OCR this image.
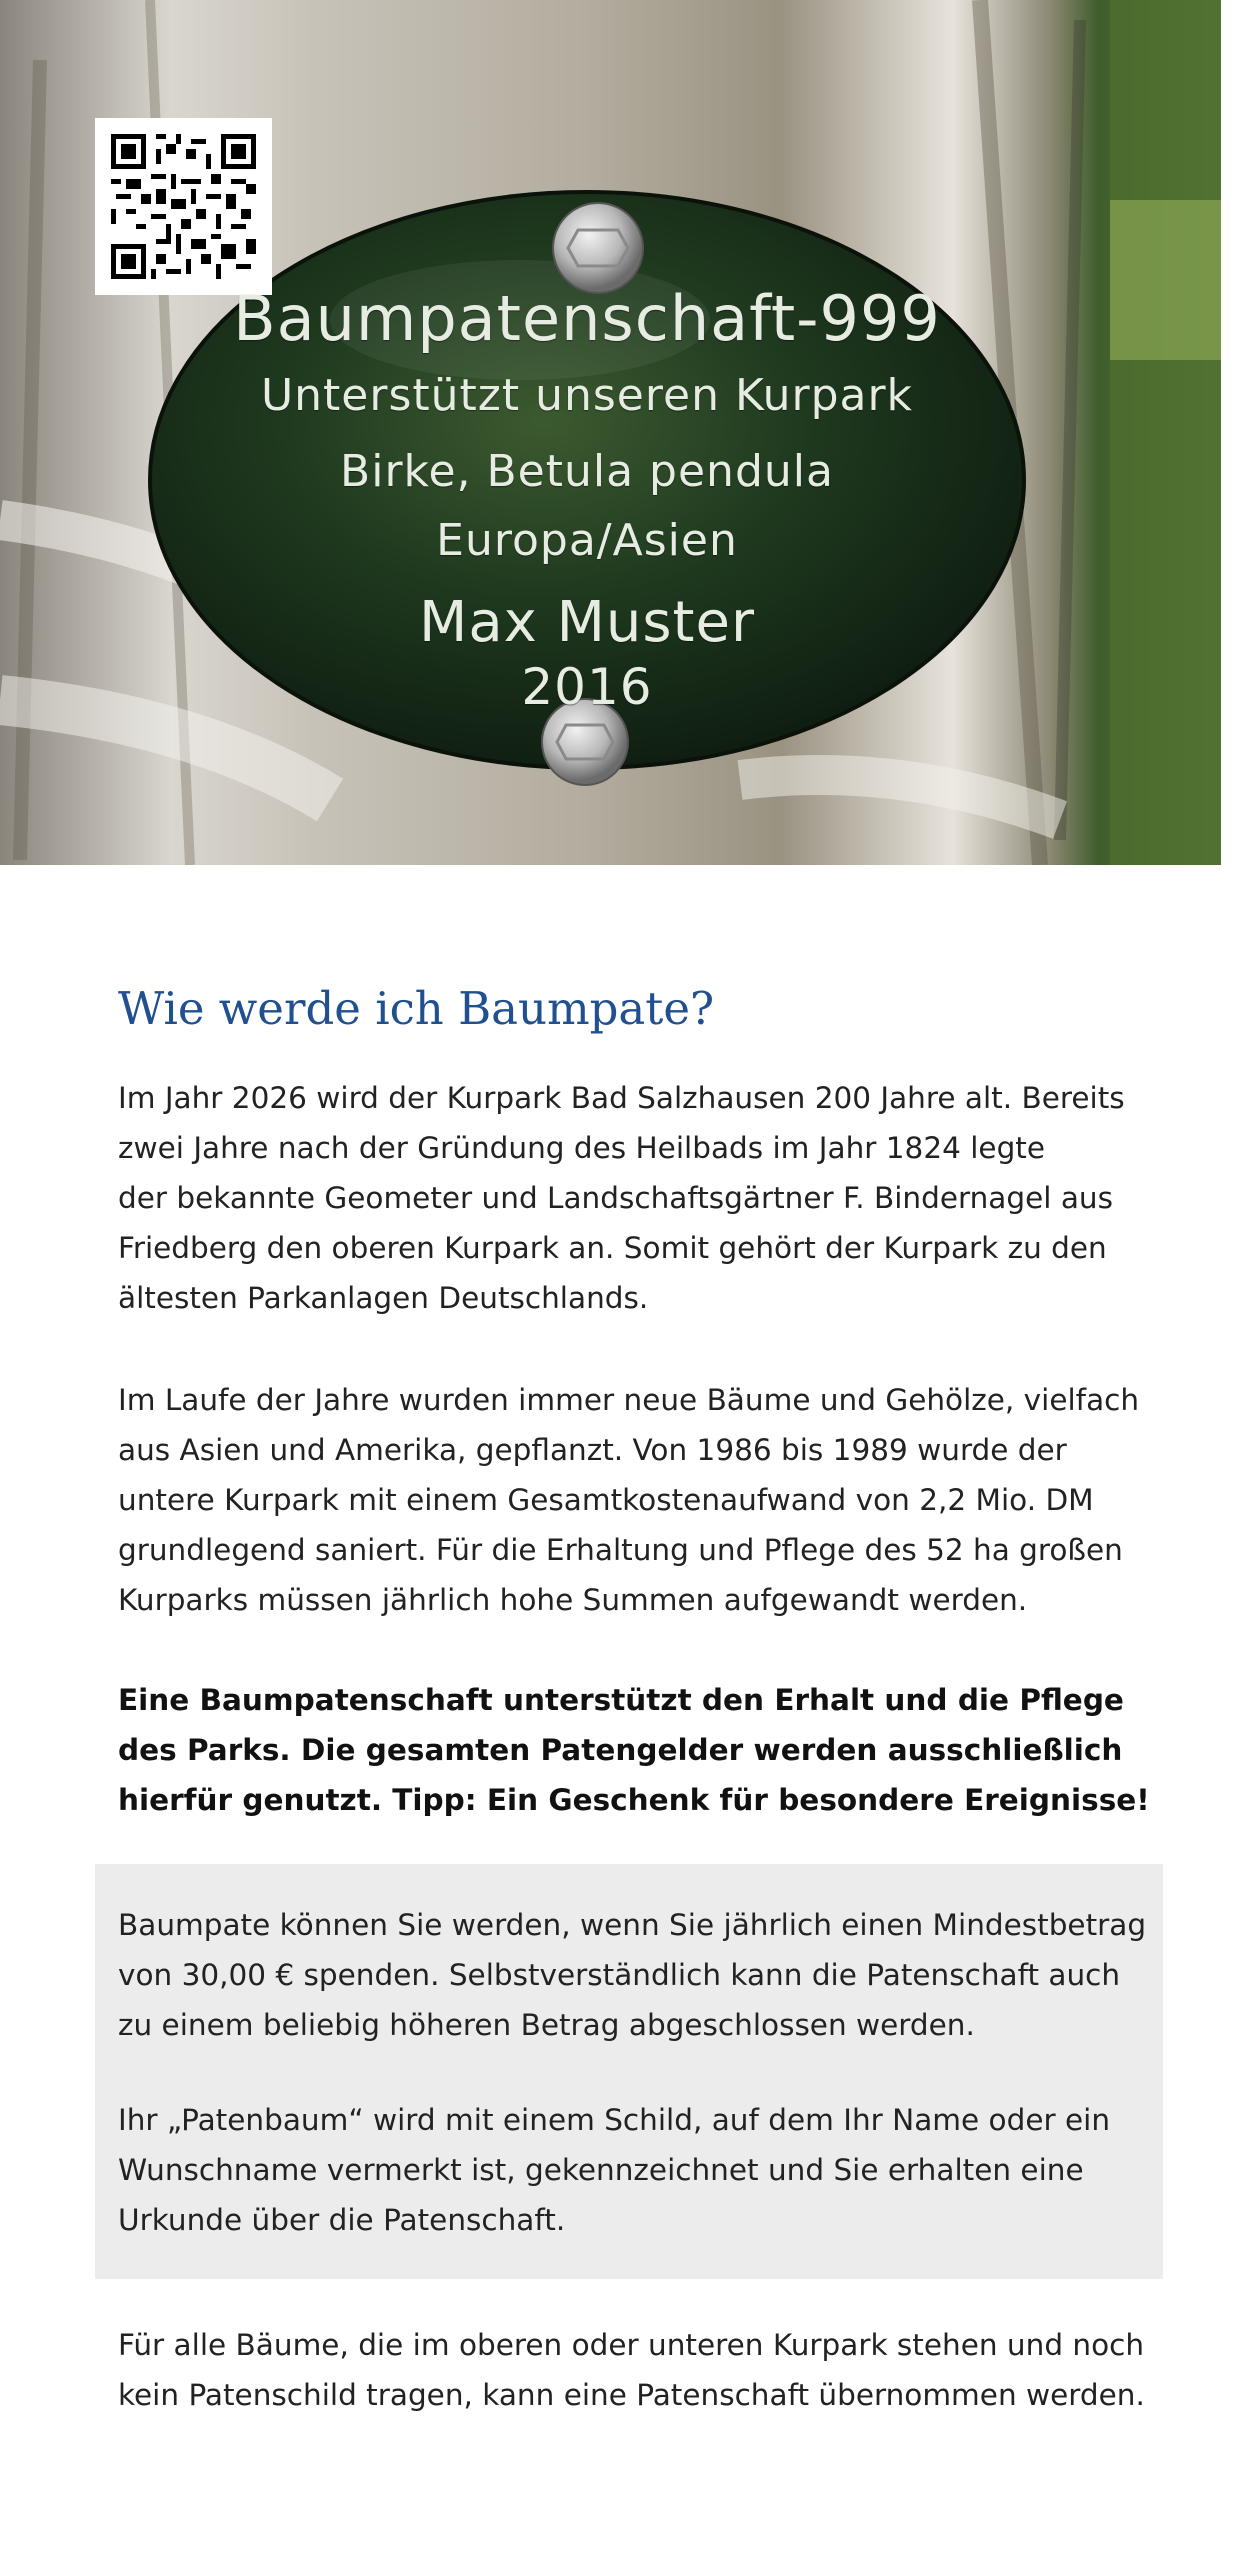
Baumpatenschaft-999
Unterstützt unseren Kurpark
Birke, Betula pendula
Europa/Asien
Max Muster
2016
Wie werde ich Baumpate?
Im Jahr 2026 wird der Kurpark Bad Salzhausen 200 Jahre alt. Bereits
zwei Jahre nach der Gründung des Heilbads im Jahr 1824 legte
der bekannte Geometer und Landschaftsgärtner F. Bindernagel aus
Friedberg den oberen Kurpark an. Somit gehört der Kurpark zu den
ältesten Parkanlagen Deutschlands.
Im Laufe der Jahre wurden immer neue Bäume und Gehölze, vielfach
aus Asien und Amerika, gepflanzt. Von 1986 bis 1989 wurde der
untere Kurpark mit einem Gesamtkostenaufwand von 2,2 Mio. DM
grundlegend saniert. Für die Erhaltung und Pflege des 52 ha großen
Kurparks müssen jährlich hohe Summen aufgewandt werden.
Eine Baumpatenschaft unterstützt den Erhalt und die Pflege
des Parks. Die gesamten Patengelder werden ausschließlich
hierfür genutzt. Tipp: Ein Geschenk für besondere Ereignisse!
Baumpate können Sie werden, wenn Sie jährlich einen Mindestbetrag
von 30,00 € spenden. Selbstverständlich kann die Patenschaft auch
zu einem beliebig höheren Betrag abgeschlossen werden.
Ihr „Patenbaum“ wird mit einem Schild, auf dem Ihr Name oder ein
Wunschname vermerkt ist, gekennzeichnet und Sie erhalten eine
Urkunde über die Patenschaft.
Für alle Bäume, die im oberen oder unteren Kurpark stehen und noch
kein Patenschild tragen, kann eine Patenschaft übernommen werden.
